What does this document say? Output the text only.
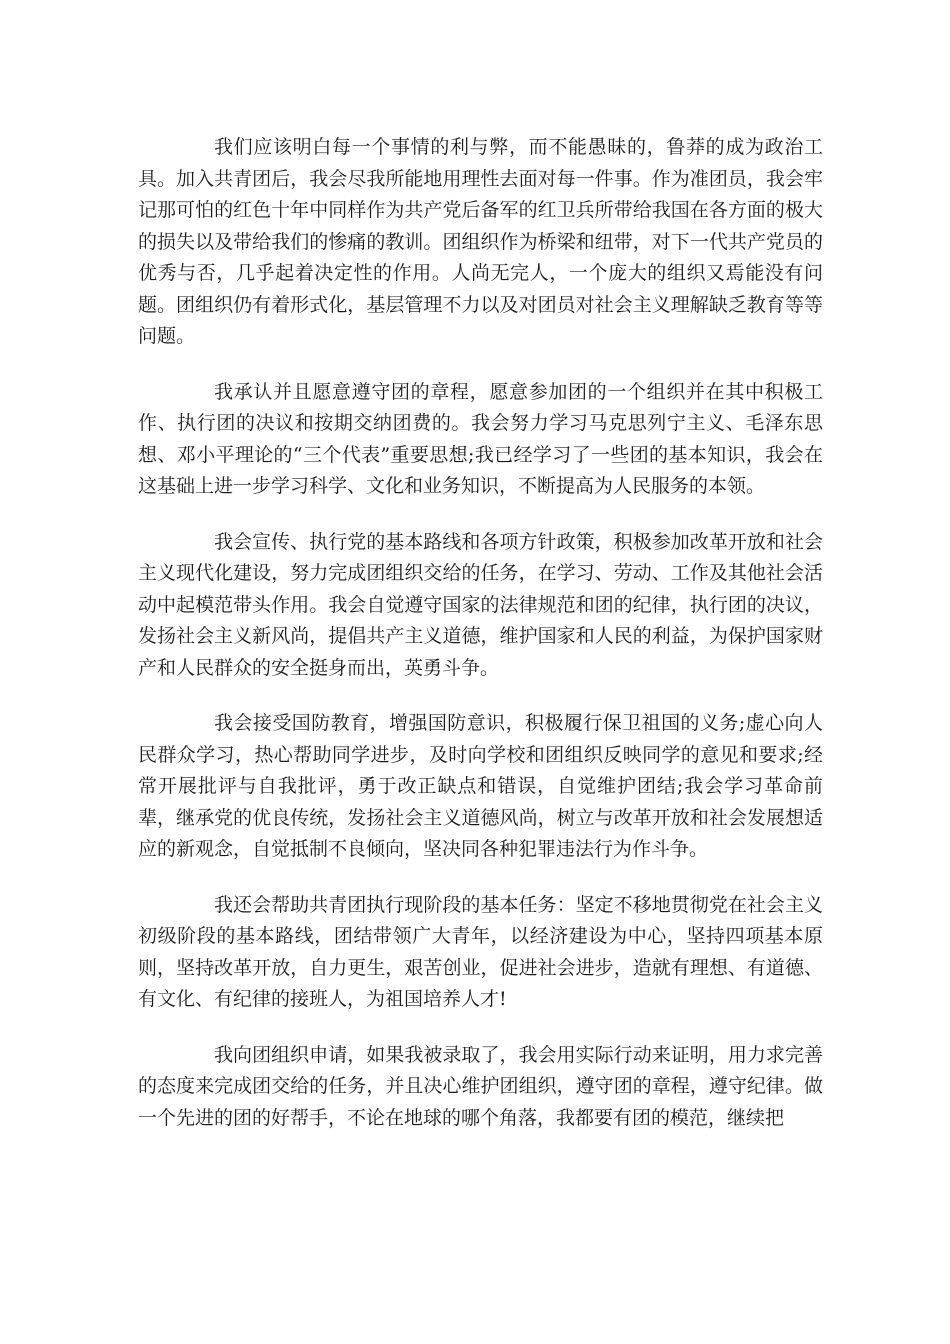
我们应该明白每一个事情的利与弊，而不能愚昧的，鲁莽的成为政治工具。加入共青团后，我会尽我所能地用理性去面对每一件事。作为准团员，我会牢记那可怕的红色十年中同样作为共产党后备军的红卫兵所带给我国在各方面的极大的损失以及带给我们的惨痛的教训。团组织作为桥梁和纽带，对下一代共产党员的优秀与否，几乎起着决定性的作用。人尚无完人，一个庞大的组织又焉能没有问题。团组织仍有着形式化，基层管理不力以及对团员对社会主义理解缺乏教育等等问题。

我承认并且愿意遵守团的章程，愿意参加团的一个组织并在其中积极工作、执行团的决议和按期交纳团费的。我会努力学习马克思列宁主义、毛泽东思想、邓小平理论的“三个代表”重要思想;我已经学习了一些团的基本知识，我会在这基础上进一步学习科学、文化和业务知识，不断提高为人民服务的本领。

我会宣传、执行党的基本路线和各项方针政策，积极参加改革开放和社会主义现代化建设，努力完成团组织交给的任务，在学习、劳动、工作及其他社会活动中起模范带头作用。我会自觉遵守国家的法律规范和团的纪律，执行团的决议，发扬社会主义新风尚，提倡共产主义道德，维护国家和人民的利益，为保护国家财产和人民群众的安全挺身而出，英勇斗争。

我会接受国防教育，增强国防意识，积极履行保卫祖国的义务;虚心向人民群众学习，热心帮助同学进步，及时向学校和团组织反映同学的意见和要求;经常开展批评与自我批评，勇于改正缺点和错误，自觉维护团结;我会学习革命前辈，继承党的优良传统，发扬社会主义道德风尚，树立与改革开放和社会发展想适应的新观念，自觉抵制不良倾向，坚决同各种犯罪违法行为作斗争。

我还会帮助共青团执行现阶段的基本任务：坚定不移地贯彻党在社会主义初级阶段的基本路线，团结带领广大青年，以经济建设为中心，坚持四项基本原则，坚持改革开放，自力更生，艰苦创业，促进社会进步，造就有理想、有道德、有文化、有纪律的接班人，为祖国培养人才!

我向团组织申请，如果我被录取了，我会用实际行动来证明，用力求完善的态度来完成团交给的任务，并且决心维护团组织，遵守团的章程，遵守纪律。做一个先进的团的好帮手，不论在地球的哪个角落，我都要有团的模范，继续把
